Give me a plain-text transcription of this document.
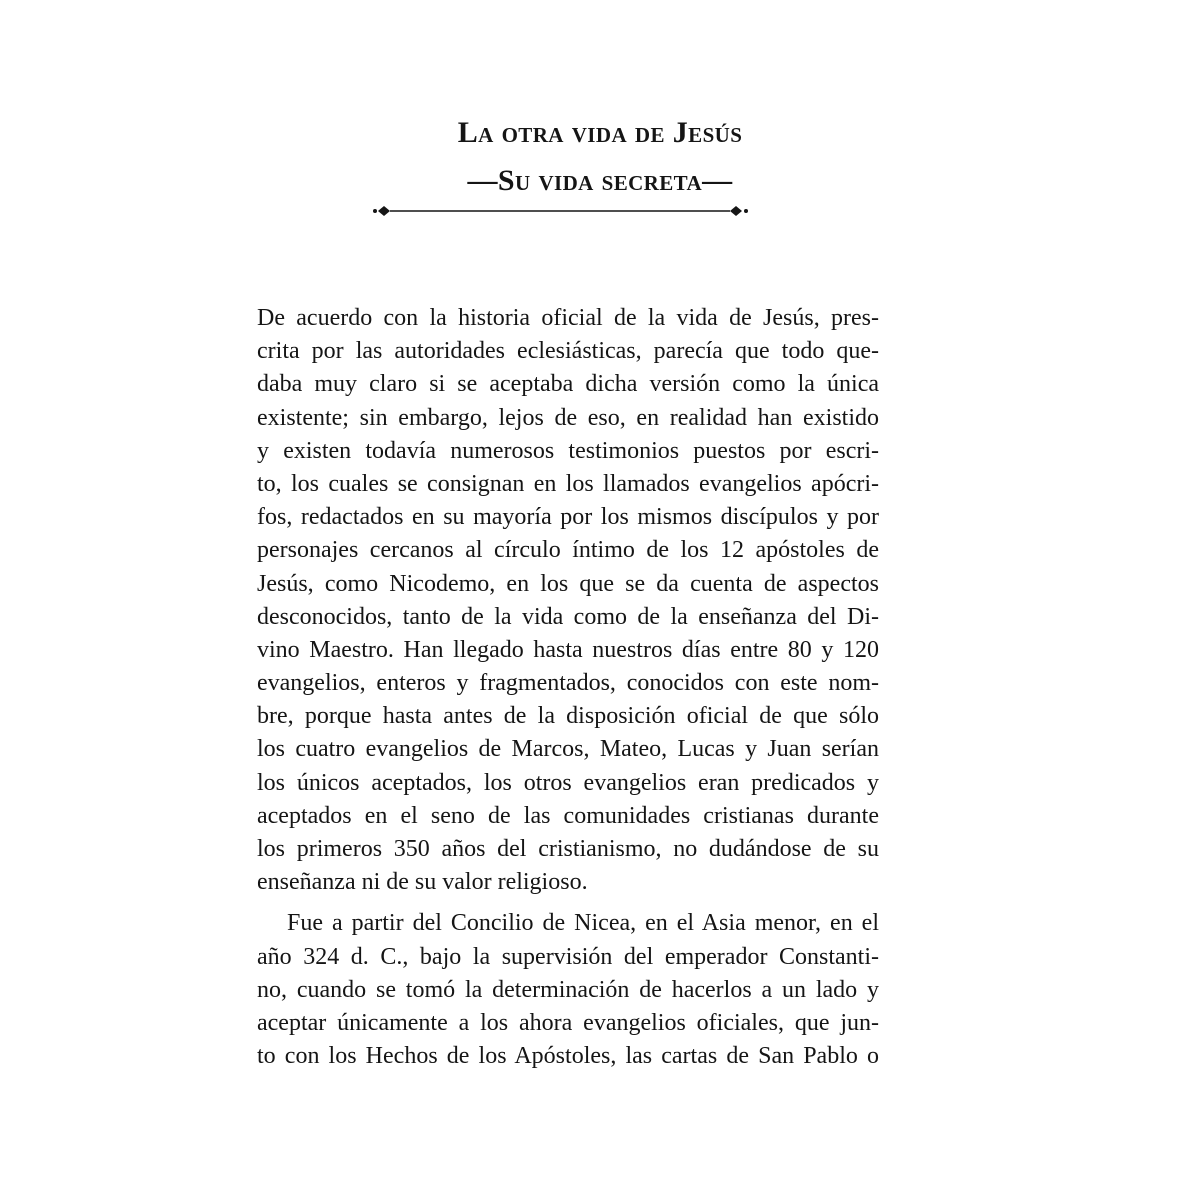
La otra vida de Jesús
—Su vida secreta—
De acuerdo con la historia oficial de la vida de Jesús, pres-
crita por las autoridades eclesiásticas, parecía que todo que-
daba muy claro si se aceptaba dicha versión como la única
existente; sin embargo, lejos de eso, en realidad han existido
y existen todavía numerosos testimonios puestos por escri-
to, los cuales se consignan en los llamados evangelios apócri-
fos, redactados en su mayoría por los mismos discípulos y por
personajes cercanos al círculo íntimo de los 12 apóstoles de
Jesús, como Nicodemo, en los que se da cuenta de aspectos
desconocidos, tanto de la vida como de la enseñanza del Di-
vino Maestro. Han llegado hasta nuestros días entre 80 y 120
evangelios, enteros y fragmentados, conocidos con este nom-
bre, porque hasta antes de la disposición oficial de que sólo
los cuatro evangelios de Marcos, Mateo, Lucas y Juan serían
los únicos aceptados, los otros evangelios eran predicados y
aceptados en el seno de las comunidades cristianas durante
los primeros 350 años del cristianismo, no dudándose de su
enseñanza ni de su valor religioso.
Fue a partir del Concilio de Nicea, en el Asia menor, en el
año 324 d. C., bajo la supervisión del emperador Constanti-
no, cuando se tomó la determinación de hacerlos a un lado y
aceptar únicamente a los ahora evangelios oficiales, que jun-
to con los Hechos de los Apóstoles, las cartas de San Pablo o
